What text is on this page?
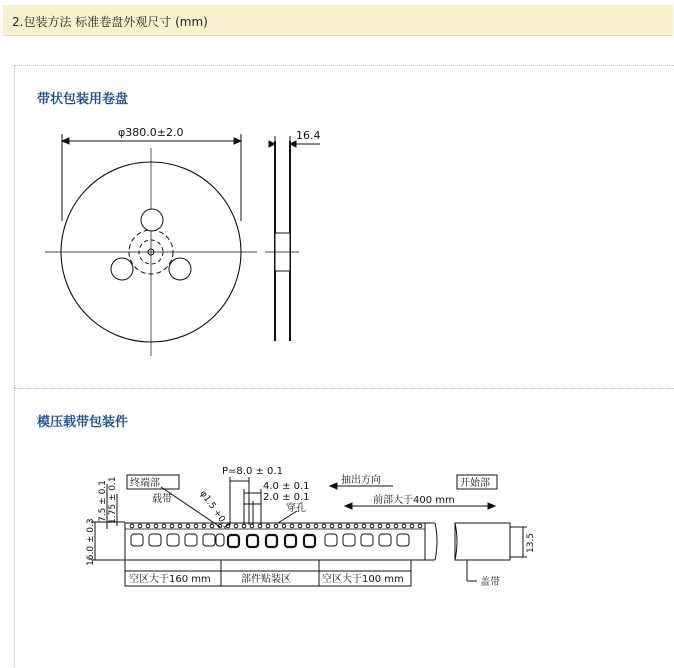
2.包装方法 标准卷盘外观尺寸 (mm)
带状包装用卷盘
φ380.0±2.0	16.4
模压载带包装件
终端部
载带
P=8.0 ± 0.1
4.0 ± 0.1
2.0 ± 0.1
φ1.5 +0.1	穿孔
抽出方向	开始部
前部大于400 mm
7.5 ± 0.1 1.75 ± 0.1
16.0 ± 0.3	13.5
空区大于160 mm	部件贴装区	空区大于100 mm	盖带
